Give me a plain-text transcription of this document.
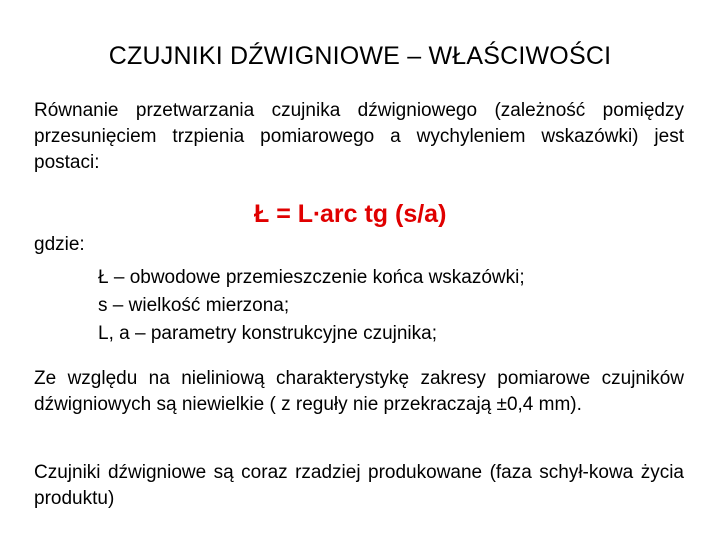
CZUJNIKI DŹWIGNIOWE – WŁAŚCIWOŚCI
Równanie przetwarzania czujnika dźwigniowego (zależność pomiędzy przesunięciem trzpienia pomiarowego a wychyleniem wskazówki) jest postaci:
Ł = L∙arc tg (s/a)
gdzie:
Ł – obwodowe przemieszczenie końca wskazówki;
s – wielkość mierzona;
L, a – parametry konstrukcyjne czujnika;
Ze względu na nieliniową charakterystykę zakresy pomiarowe czujników dźwigniowych są niewielkie ( z reguły nie przekraczają ±0,4 mm).
Czujniki dźwigniowe są coraz rzadziej produkowane (faza schył-kowa życia produktu)
